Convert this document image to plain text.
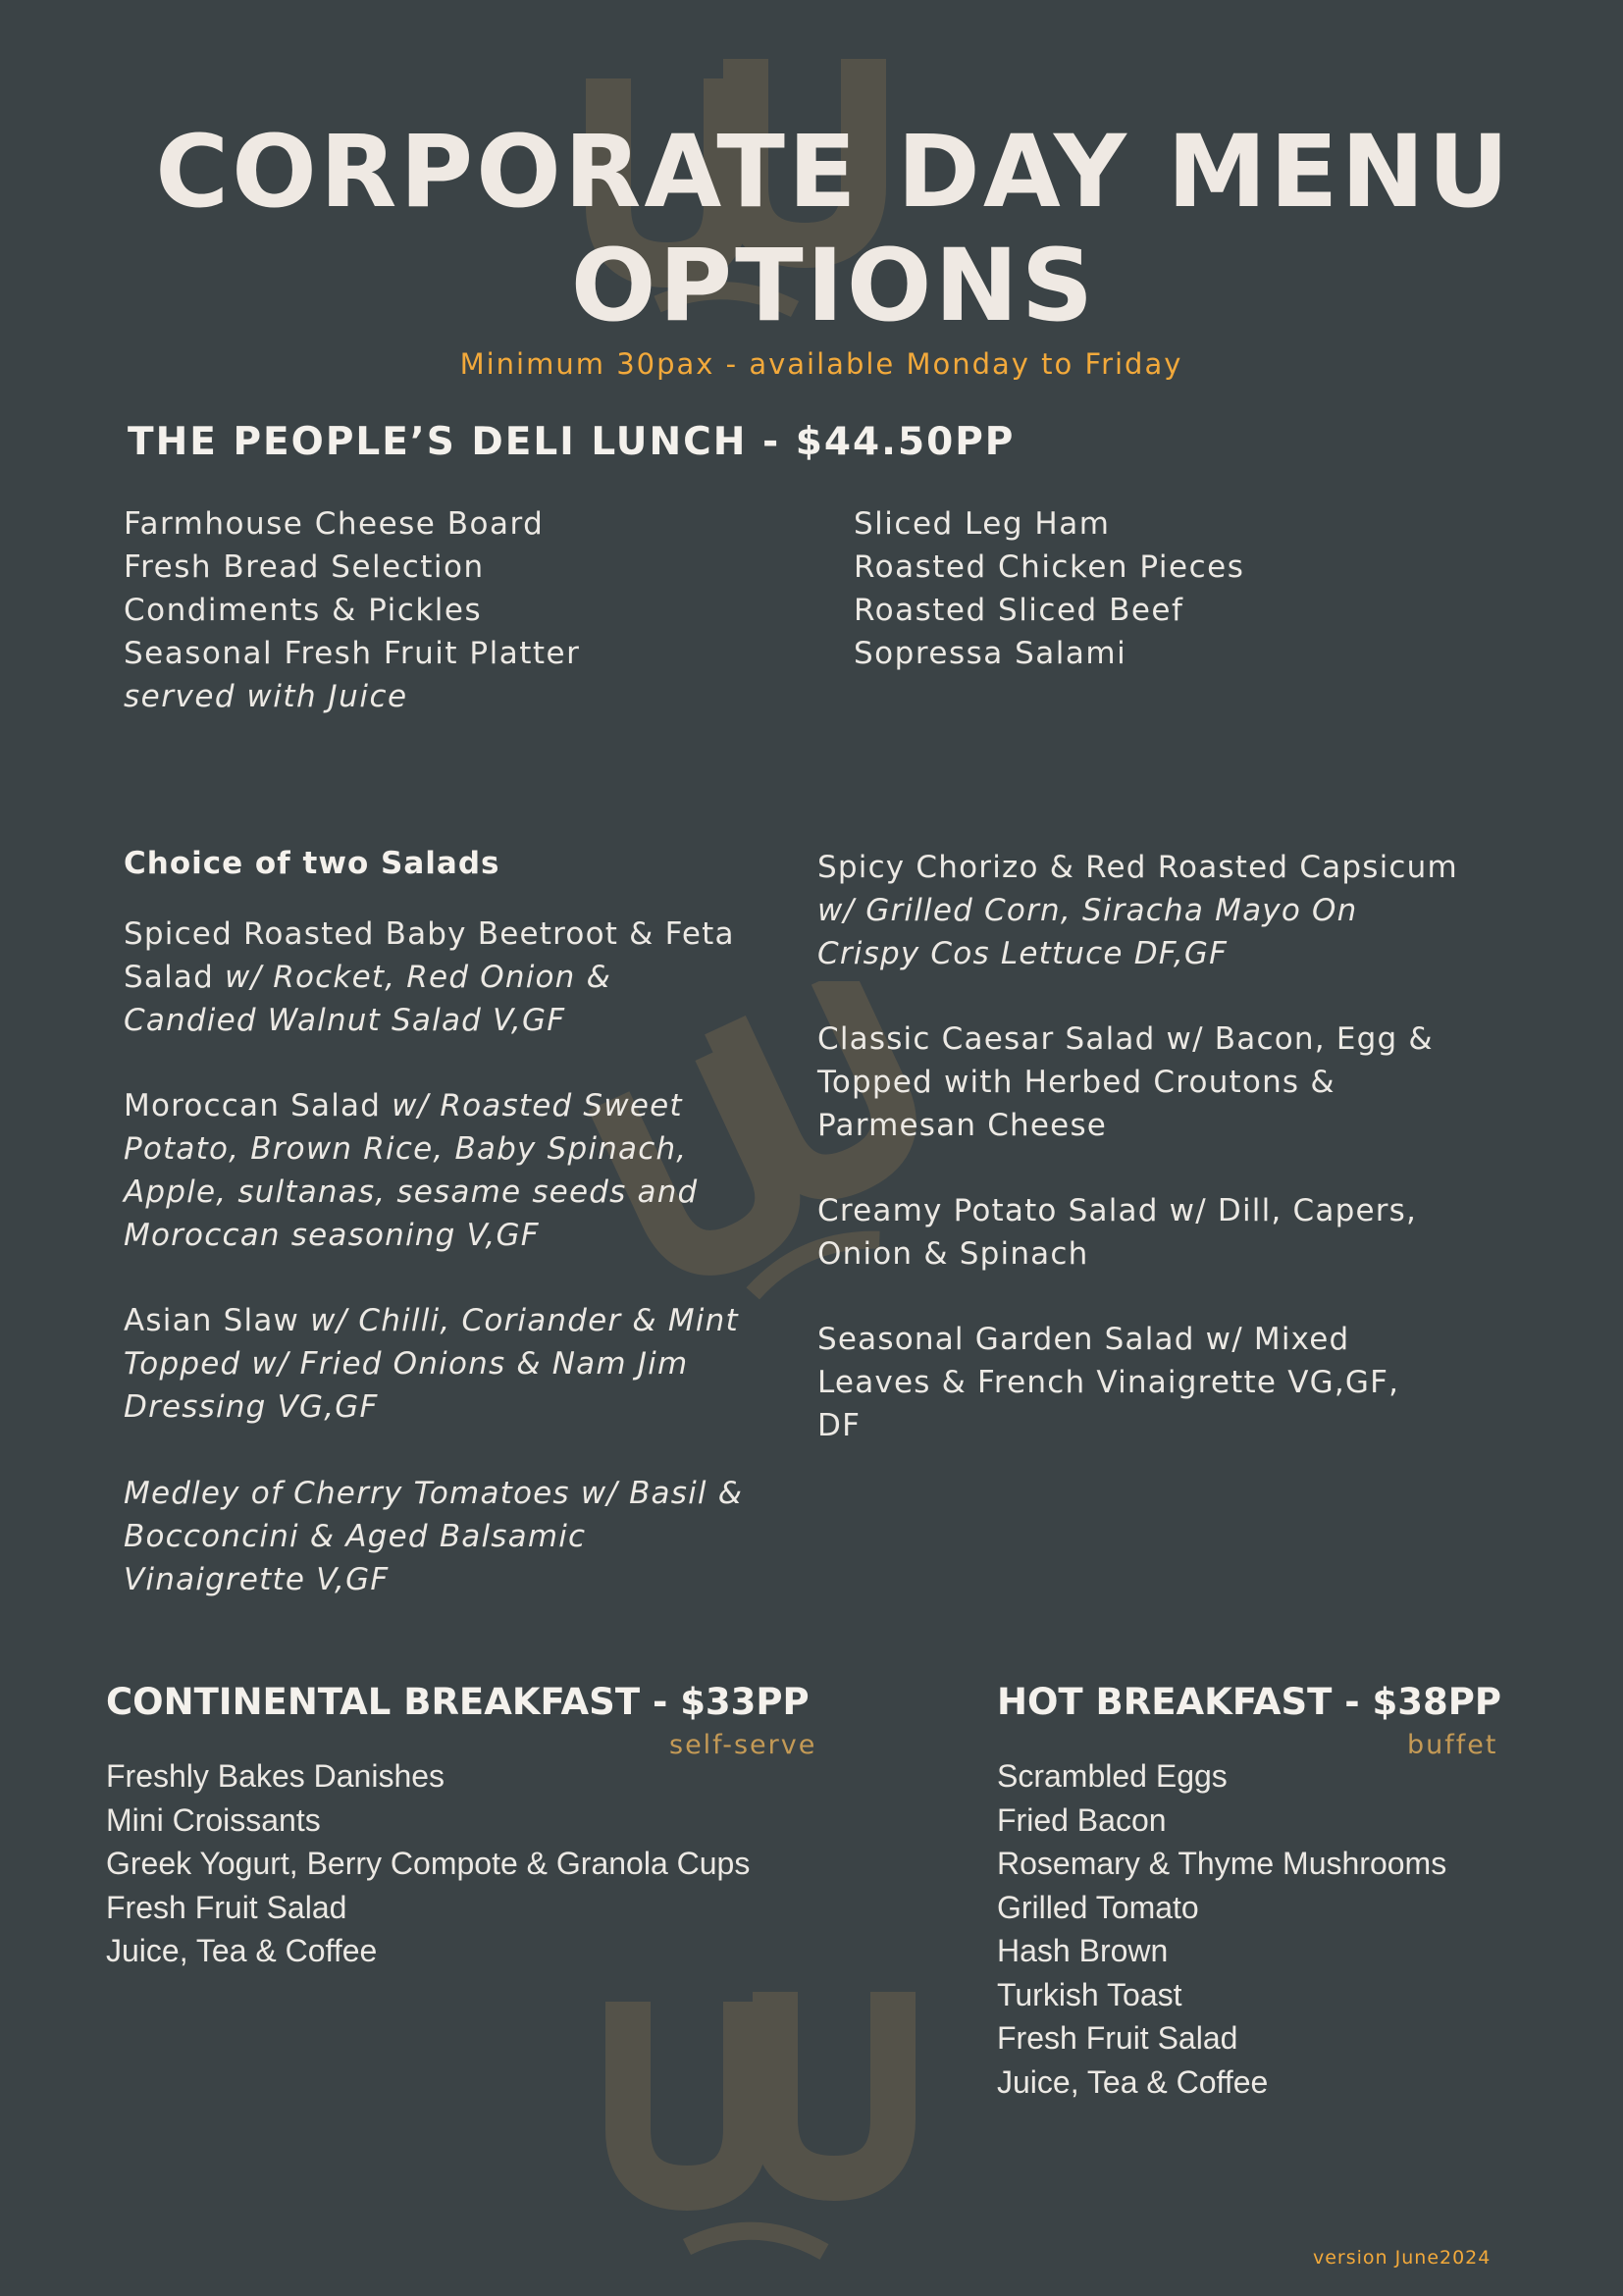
CORPORATE DAY MENU
OPTIONS
Minimum 30pax - available Monday to Friday
THE PEOPLE’S DELI LUNCH - $44.50PP
Farmhouse Cheese Board
Fresh Bread Selection
Condiments & Pickles
Seasonal Fresh Fruit Platter
served with Juice
Sliced Leg Ham
Roasted Chicken Pieces
Roasted Sliced Beef
Sopressa Salami
Choice of two Salads
Spiced Roasted Baby Beetroot & Feta Salad w/ Rocket, Red Onion & Candied Walnut Salad V,GF
Moroccan Salad w/ Roasted Sweet Potato, Brown Rice, Baby Spinach, Apple, sultanas, sesame seeds and Moroccan seasoning V,GF
Asian Slaw w/ Chilli, Coriander & Mint Topped w/ Fried Onions & Nam Jim Dressing VG,GF
Medley of Cherry Tomatoes w/ Basil & Bocconcini & Aged Balsamic Vinaigrette V,GF
Spicy Chorizo & Red Roasted Capsicum w/ Grilled Corn, Siracha Mayo On Crispy Cos Lettuce DF,GF
Classic Caesar Salad w/ Bacon, Egg & Topped with Herbed Croutons & Parmesan Cheese
Creamy Potato Salad w/ Dill, Capers, Onion & Spinach
Seasonal Garden Salad w/ Mixed Leaves & French Vinaigrette VG,GF, DF
CONTINENTAL BREAKFAST - $33PP
self-serve
Freshly Bakes Danishes
Mini Croissants
Greek Yogurt, Berry Compote & Granola Cups
Fresh Fruit Salad
Juice, Tea & Coffee
HOT BREAKFAST - $38PP
buffet
Scrambled Eggs
Fried Bacon
Rosemary & Thyme Mushrooms
Grilled Tomato
Hash Brown
Turkish Toast
Fresh Fruit Salad
Juice, Tea & Coffee
version June2024
